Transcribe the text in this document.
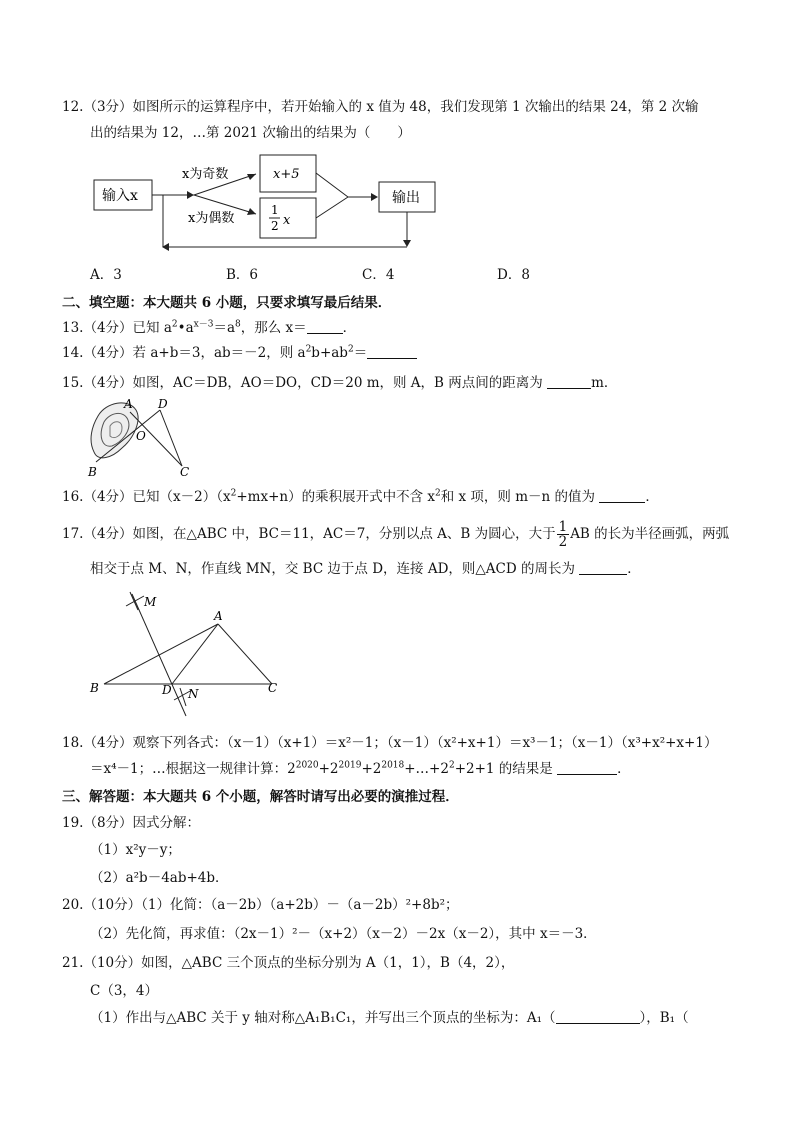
12.（3分）如图所示的运算程序中，若开始输入的 x 值为 48，我们发现第 1 次输出的结果 24，第 2 次输
出的结果为 12，…第 2021 次输出的结果为（　　）
输入x
x为奇数
x为偶数
x+5
1
2 x
输出
A．3	B．6	C．4	D．8
二、填空题：本大题共 6 小题，只要求填写最后结果．
13.（4分）已知 $a^2•a^{x-3}=a^8$，那么 x＝	．
14.（4分）若 a+b＝3，ab＝－2，则 $a^2b+ab^2=$
15.（4分）如图，AC＝DB，AO＝DO，CD＝20 m，则 A，B 两点间的距离为	m．
A D
O
B	C
16.（4分）已知$(x-2)(x^2+mx+n)$的乘积展开式中不含 $x^2$和 x 项，则 m－n 的值为	．
17.（4分）如图，在△ABC 中，BC＝11，AC＝7，分别以点 A、B 为圆心，大于 $\frac{1}{2}$ AB 的长为半径画弧，两弧
相交于点 M、N，作直线 MN，交 BC 边于点 D，连接 AD，则△ACD 的周长为	．
M
A
B	D N	C
18.（4分）观察下列各式：（x－1）（x+1）＝x²－1；（x－1）（x²+x+1）＝x³－1；（x－1）（x³+x²+x+1）
＝x⁴－1；…根据这一规律计算：$2^{2020}+2^{2019}+2^{2018}+\dots+2^2+2+1$ 的结果是	．
三、解答题：本大题共 6 个小题，解答时请写出必要的演推过程．
19.（8分）因式分解：
（1）x²y－y；
（2）a²b－4ab+4b．
20.（10分）（1）化简：（a－2b）（a+2b）－（a－2b）²+8b²；
（2）先化简，再求值：（2x－1）²－（x+2）（x－2）－2x（x－2），其中 x＝－3．
21.（10分）如图，△ABC 三个顶点的坐标分别为 A（1，1），B（4，2），
C（3，4）
（1）作出与△ABC 关于 y 轴对称△A₁B₁C₁，并写出三个顶点的坐标为：A₁（	），B₁（
